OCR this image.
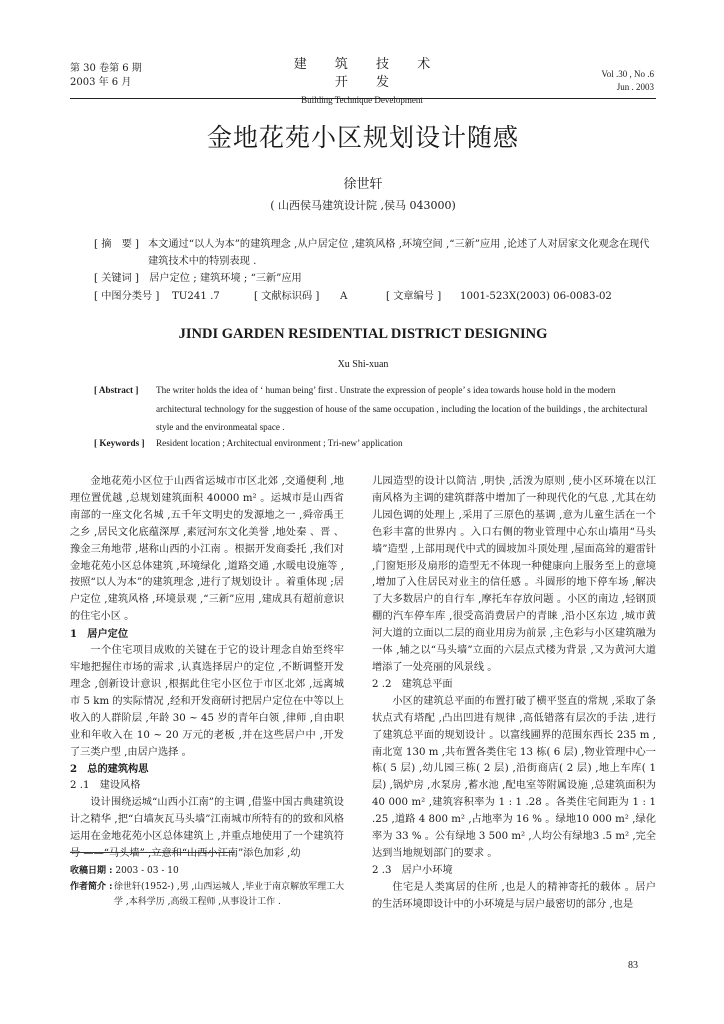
第 30 卷第 6 期
2003 年 6 月
建 筑 技 术 开 发
Building Technique Development
Vol .30 , No .6
Jun . 2003
金地花苑小区规划设计随感
徐世轩
( 山西侯马建筑设计院 ,侯马 043000)
[ 摘　要 ] 本文通过“以人为本”的建筑理念 ,从户居定位 ,建筑风格 ,环境空间 ,“三新”应用 ,论述了人对居家文化观念在现代建筑技术中的特别表现 .
[ 关键词 ] 居户定位 ; 建筑环境 ; “三新”应用
[ 中图分类号 ] TU241 .7	[ 文献标识码 ] A	[ 文章编号 ] 1001-523X(2003) 06-0083-02
JINDI GARDEN RESIDENTIAL DISTRICT DESIGNING
Xu Shi-xuan
[ Abstract ] The writer holds the idea of ‘ human being’ first . Unstrate the expression of people’ s idea towards house hold in the modern architectural technology for the suggestion of house of the same occupation , including the location of the buildings , the architectural style and the environmeatal space .
[ Keywords ] Resident location ; Architectual environment ; Tri-new’ application

金地花苑小区位于山西省运城市市区北郊 ,交通便利 ,地理位置优越 ,总规划建筑面积 40000 m² 。运城市是山西省南部的一座文化名城 ,五千年文明史的发源地之一 ,舜帝禹王之乡 ,居民文化底蕴深厚 ,素冠河东文化美誉 ,地处秦 、晋 、豫金三角地带 ,堪称山西的小江南 。根据开发商委托 ,我们对金地花苑小区总体建筑 ,环境绿化 ,道路交通 ,水暖电设施等 ,按照“以人为本”的建筑理念 ,进行了规划设计 。着重体现 ;居户定位 ,建筑风格 ,环境景观 ,“三新”应用 ,建成具有超前意识的住宅小区 。

1　居户定位

一个住宅项目成败的关键在于它的设计理念自始至终牢牢地把握住市场的需求 ,认真选择居户的定位 ,不断调整开发理念 ,创新设计意识 ,根据此住宅小区位于市区北郊 ,远离城市 5 km 的实际情况 ,经和开发商研讨把居户定位在中等以上收入的人群阶层 ,年龄 30 ~ 45 岁的青年白领 ,律师 ,自由职业和年收入在 10 ~ 20 万元的老板 ,并在这些居户中 ,开发了三类户型 ,由居户选择 。

2　总的建筑构思

2 .1　建设风格

设计围绕运城“山西小江南”的主调 ,借鉴中国古典建筑设计之精华 ,把“白墙灰瓦马头墙”江南城市所特有的的致和风格运用在金地花苑小区总体建筑上 ,并重点地使用了一个建筑符号 ——“马头墙” ,立意和“山西小江南”添色加彩 ,幼

儿园造型的设计以简洁 ,明快 ,活泼为原则 ,使小区环境在以江南风格为主调的建筑群落中增加了一种现代化的气息 ,尤其在幼儿园色调的处理上 ,采用了三原色的基调 ,意为儿童生活在一个色彩丰富的世界内 。入口右侧的物业管理中心东山墙用“马头墙”造型 ,上部用现代中式的圆坡加斗顶处理 ,屋面高耸的避雷针 ,门窗矩形及扇形的造型无不体现一种健康向上服务至上的意境 ,增加了入住居民对业主的信任感 。斗圆形的地下停车场 ,解决了大多数居户的自行车 ,摩托车存放问题 。小区的南边 ,轻钢顶棚的汽车停车库 ,很受高消费居户的青睐 ,沿小区东边 ,城市黄河大道的立面以二层的商业用房为前景 ,主色彩与小区建筑融为一体 ,辅之以“马头墙”立面的六层点式楼为背景 ,又为黄河大道增添了一处亮丽的风景线 。

2 .2　建筑总平面

小区的建筑总平面的布置打破了横平竖直的常规 ,采取了条状点式有塔配 ,凸出凹进有规律 ,高低错落有层次的手法 ,进行了建筑总平面的规划设计 。以富线圃界的范围东西长 235 m ,南北宽 130 m ,共布置各类住宅 13 栋( 6 层) ,物业管理中心一栋( 5 层) ,幼儿园三栋( 2 层) ,沿街商店( 2 层) ,地上车库( 1 层) ,锅炉房 ,水泵房 ,蓄水池 ,配电室等附属设施 ,总建筑面积为 40 000 m² ,建筑容积率为 1 : 1 .28 。各类住宅间距为 1 : 1 .25 ,道路 4 800 m² ,占地率为 16 % 。绿地10 000 m² ,绿化率为 33 % 。公有绿地 3 500 m² ,人均公有绿地3 .5 m² ,完全达到当地规划部门的要求 。

2 .3　居户小环境

住宅是人类寓居的住所 ,也是人的精神寄托的载体 。居户的生活环境即设计中的小环境是与居户最密切的部分 ,也是

收稿日期 : 2003 - 03 - 10
作者简介 : 徐世轩(1952-) ,男 ,山西运城人 ,毕业于南京解放军理工大学 ,本科学历 ,高级工程师 ,从事设计工作 .
83
